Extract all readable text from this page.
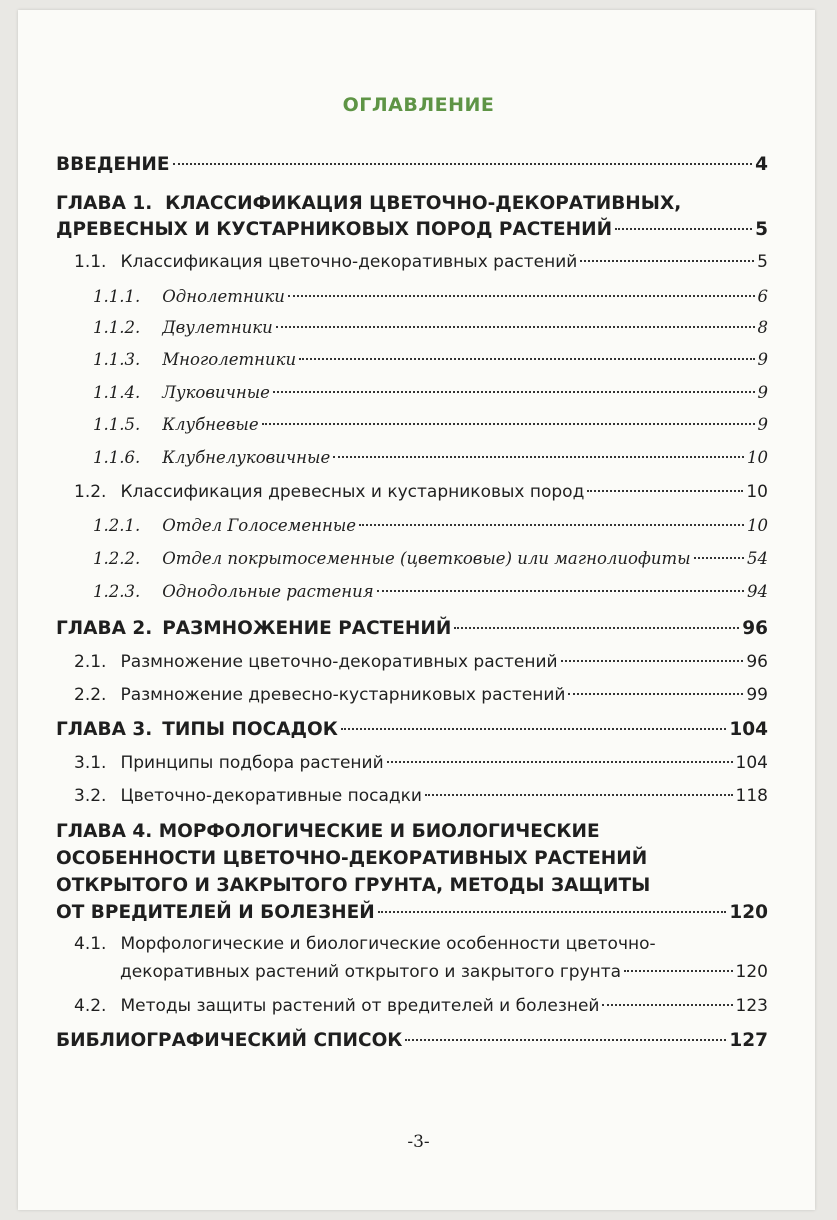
ОГЛАВЛЕНИЕ
ВВЕДЕНИЕ	4
ГЛАВА 1. КЛАССИФИКАЦИЯ ЦВЕТОЧНО-ДЕКОРАТИВНЫХ,
ДРЕВЕСНЫХ И КУСТАРНИКОВЫХ ПОРОД РАСТЕНИЙ	5
1.1. Классификация цветочно-декоративных растений	5
1.1.1. Однолетники	6
1.1.2. Двулетники	8
1.1.3. Многолетники	9
1.1.4. Луковичные	9
1.1.5. Клубневые	9
1.1.6. Клубнелуковичные	10
1.2. Классификация древесных и кустарниковых пород	10
1.2.1. Отдел Голосеменные	10
1.2.2. Отдел покрытосеменные (цветковые) или магнолиофиты	54
1.2.3. Однодольные растения	94
ГЛАВА 2. РАЗМНОЖЕНИЕ РАСТЕНИЙ	96
2.1. Размножение цветочно-декоративных растений	96
2.2. Размножение древесно-кустарниковых растений	99
ГЛАВА 3. ТИПЫ ПОСАДОК	104
3.1. Принципы подбора растений	104
3.2. Цветочно-декоративные посадки	118
ГЛАВА 4. МОРФОЛОГИЧЕСКИЕ И БИОЛОГИЧЕСКИЕ
ОСОБЕННОСТИ ЦВЕТОЧНО-ДЕКОРАТИВНЫХ РАСТЕНИЙ
ОТКРЫТОГО И ЗАКРЫТОГО ГРУНТА, МЕТОДЫ ЗАЩИТЫ
ОТ ВРЕДИТЕЛЕЙ И БОЛЕЗНЕЙ	120
4.1. Морфологические и биологические особенности цветочно-
декоративных растений открытого и закрытого грунта	120
4.2. Методы защиты растений от вредителей и болезней	123
БИБЛИОГРАФИЧЕСКИЙ СПИСОК	127
-3-
